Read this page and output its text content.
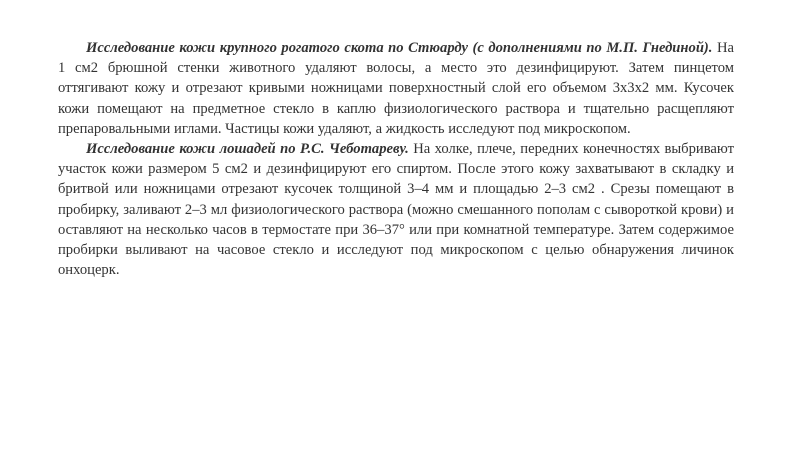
Исследование кожи крупного рогатого скота по Стюарду (с дополнениями по М.П. Гнединой). На 1 см2 брюшной стенки животного удаляют волосы, а место это дезинфицируют. Затем пинцетом оттягивают кожу и отрезают кривыми ножницами поверхностный слой его объемом 3х3х2 мм. Кусочек кожи помещают на предметное стекло в каплю физиологического раствора и тщательно расщепляют препаровальными иглами. Частицы кожи удаляют, а жидкость исследуют под микроскопом.

Исследование кожи лошадей по Р.С. Чеботареву. На холке, плече, передних конечностях выбривают участок кожи размером 5 см2 и дезинфицируют его спиртом. После этого кожу захватывают в складку и бритвой или ножницами отрезают кусочек толщиной 3–4 мм и площадью 2–3 см2 . Срезы помещают в пробирку, заливают 2–3 мл физиологического раствора (можно смешанного пополам с сывороткой крови) и оставляют на несколько часов в термостате при 36–37° или при комнатной температуре. Затем содержимое пробирки выливают на часовое стекло и исследуют под микроскопом с целью обнаружения личинок онхоцерк.
